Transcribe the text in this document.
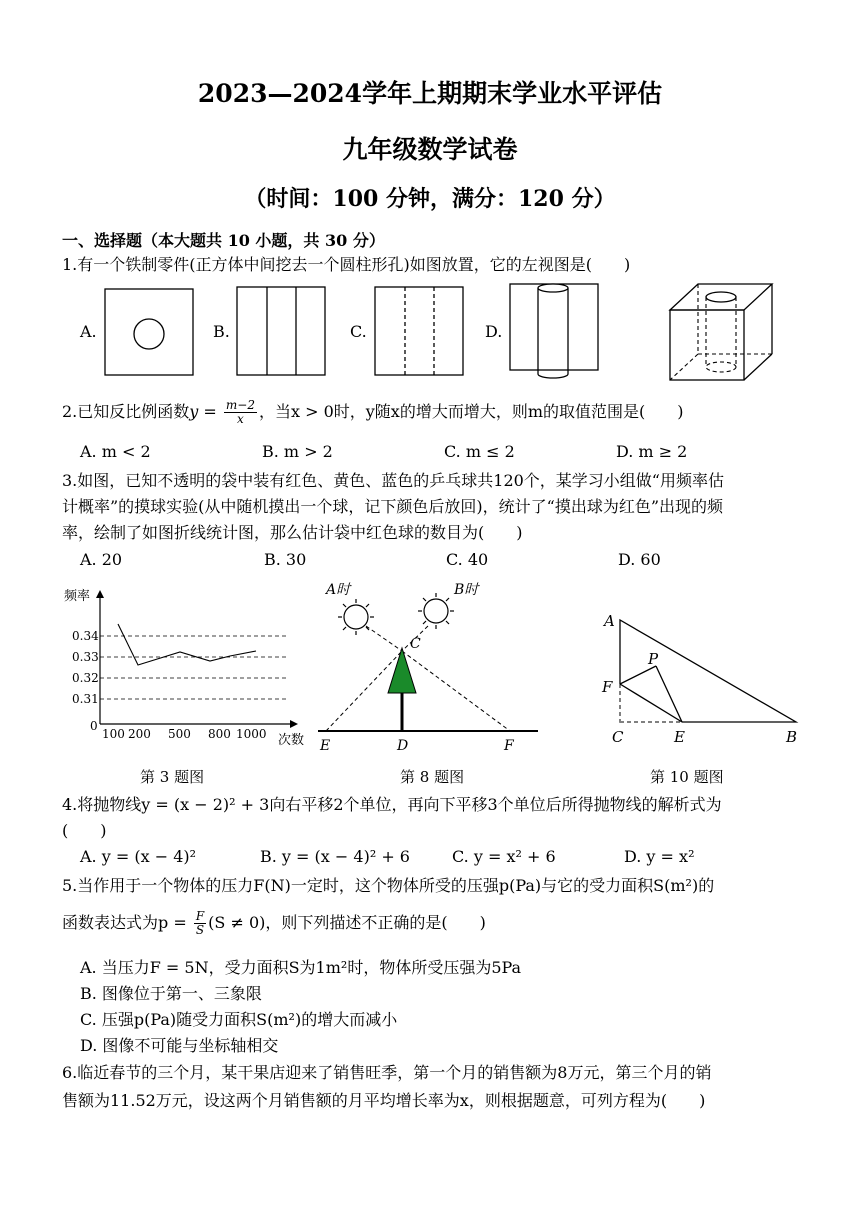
2023—2024学年上期期末学业水平评估
九年级数学试卷
（时间：100 分钟，满分：120 分）
一、选择题（本大题共 10 小题，共 30 分）
1.有一个铁制零件(正方体中间挖去一个圆柱形孔)如图放置，它的左视图是(　　)
A.	B.	C.	D.
2.已知反比例函数$y = \frac{m-2}{x}$ ，当x > 0时，y随x的增大而增大，则m的取值范围是(　　)
A. m < 2	B. m > 2	C. m ≤ 2	D. m ≥ 2
3.如图，已知不透明的袋中装有红色、黄色、蓝色的乒乓球共120个，某学习小组做“用频率估
计概率”的摸球实验(从中随机摸出一个球，记下颜色后放回)，统计了“摸出球为红色”出现的频
率，绘制了如图折线统计图，那么估计袋中红色球的数目为(　　)
A. 20	B. 30	C. 40	D. 60
频率
0
0.34
0.33
0.32
0.31
100 200 500 800 1000 次数
第 3 题图
A时	B时
C
E	D	F
第 8 题图
A
P
F
C	E	B
第 10 题图
4.将抛物线y = (x − 2)² + 3向右平移2个单位，再向下平移3个单位后所得抛物线的解析式为
(　　)
A. y = (x − 4)²	B. y = (x − 4)² + 6	C. y = x² + 6	D. y = x²
5.当作用于一个物体的压力F(N)一定时，这个物体所受的压强p(Pa)与它的受力面积S(m²)的
函数表达式为$p = \frac{F}{S} (S \ne 0)$，则下列描述不正确的是(　　)
A. 当压力F = 5N，受力面积S为1m²时，物体所受压强为5Pa
B. 图像位于第一、三象限
C. 压强p(Pa)随受力面积S(m²)的增大而减小
D. 图像不可能与坐标轴相交
6.临近春节的三个月，某干果店迎来了销售旺季，第一个月的销售额为8万元，第三个月的销
售额为11.52万元，设这两个月销售额的月平均增长率为x，则根据题意，可列方程为(　　)
